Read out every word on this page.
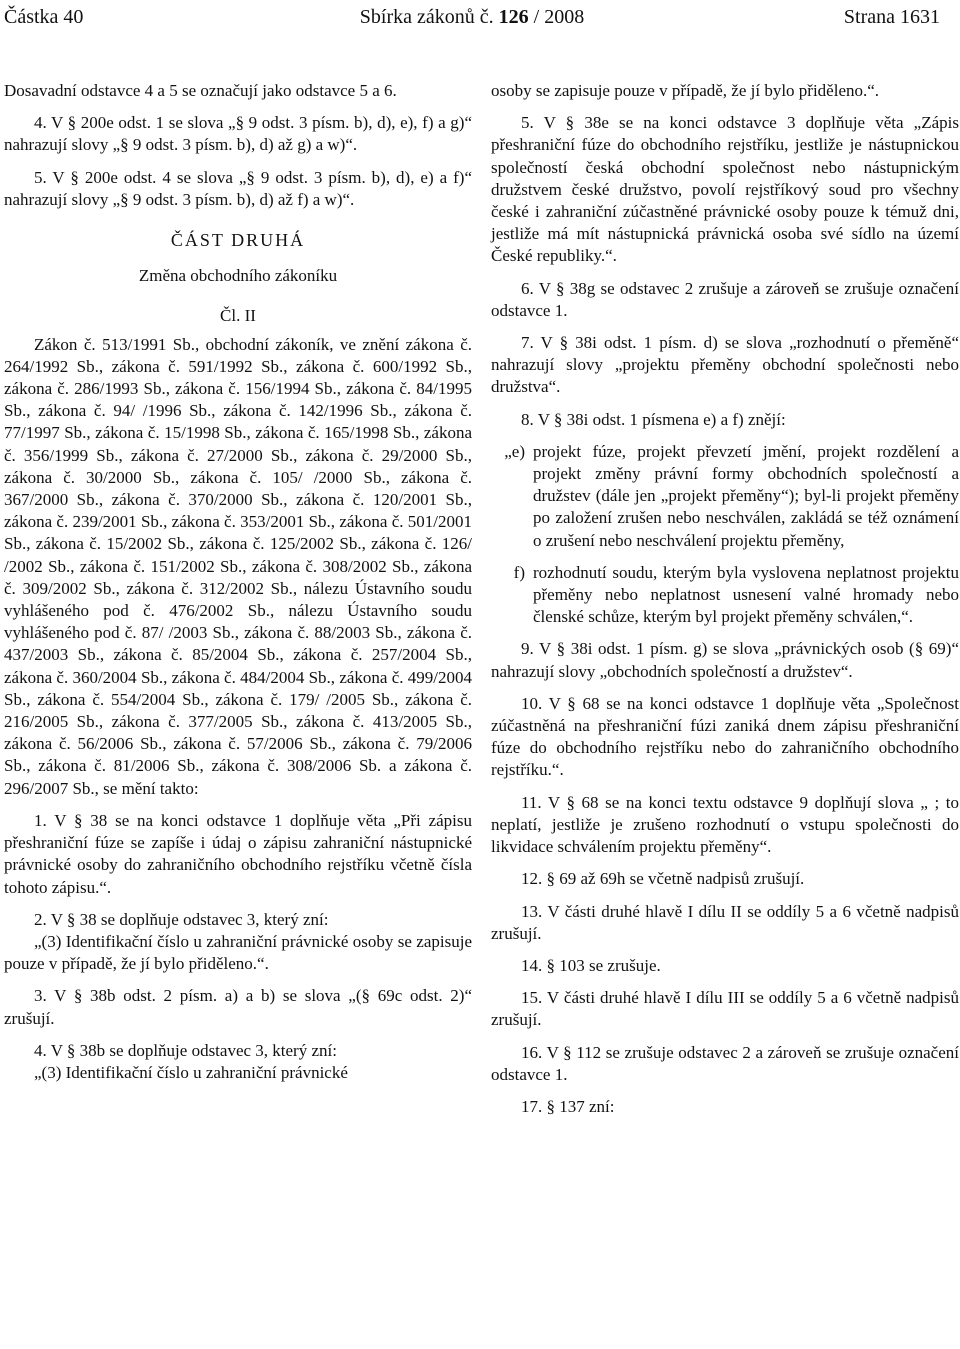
Částka 40	Sbírka zákonů č. 126 / 2008	Strana 1631

Dosavadní odstavce 4 a 5 se označují jako odstavce 5 a 6.

4. V § 200e odst. 1 se slova „§ 9 odst. 3 písm. b), d), e), f) a g)“ nahrazují slovy „§ 9 odst. 3 písm. b), d) až g) a w)“.

5. V § 200e odst. 4 se slova „§ 9 odst. 3 písm. b), d), e) a f)“ nahrazují slovy „§ 9 odst. 3 písm. b), d) až f) a w)“.

ČÁST DRUHÁ

Změna obchodního zákoníku

Čl. II

Zákon č. 513/1991 Sb., obchodní zákoník, ve znění zákona č. 264/1992 Sb., zákona č. 591/1992 Sb., zákona č. 600/1992 Sb., zákona č. 286/1993 Sb., zákona č. 156/1994 Sb., zákona č. 84/1995 Sb., zákona č. 94/ /1996 Sb., zákona č. 142/1996 Sb., zákona č. 77/1997 Sb., zákona č. 15/1998 Sb., zákona č. 165/1998 Sb., zákona č. 356/1999 Sb., zákona č. 27/2000 Sb., zákona č. 29/2000 Sb., zákona č. 30/2000 Sb., zákona č. 105/ /2000 Sb., zákona č. 367/2000 Sb., zákona č. 370/2000 Sb., zákona č. 120/2001 Sb., zákona č. 239/2001 Sb., zákona č. 353/2001 Sb., zákona č. 501/2001 Sb., zákona č. 15/2002 Sb., zákona č. 125/2002 Sb., zákona č. 126/ /2002 Sb., zákona č. 151/2002 Sb., zákona č. 308/2002 Sb., zákona č. 309/2002 Sb., zákona č. 312/2002 Sb., nálezu Ústavního soudu vyhlášeného pod č. 476/2002 Sb., nálezu Ústavního soudu vyhlášeného pod č. 87/ /2003 Sb., zákona č. 88/2003 Sb., zákona č. 437/2003 Sb., zákona č. 85/2004 Sb., zákona č. 257/2004 Sb., zákona č. 360/2004 Sb., zákona č. 484/2004 Sb., zákona č. 499/2004 Sb., zákona č. 554/2004 Sb., zákona č. 179/ /2005 Sb., zákona č. 216/2005 Sb., zákona č. 377/2005 Sb., zákona č. 413/2005 Sb., zákona č. 56/2006 Sb., zákona č. 57/2006 Sb., zákona č. 79/2006 Sb., zákona č. 81/2006 Sb., zákona č. 308/2006 Sb. a zákona č. 296/2007 Sb., se mění takto:

1. V § 38 se na konci odstavce 1 doplňuje věta „Při zápisu přeshraniční fúze se zapíše i údaj o zápisu zahraniční nástupnické právnické osoby do zahraničního obchodního rejstříku včetně čísla tohoto zápisu.“.

2. V § 38 se doplňuje odstavec 3, který zní:

„(3) Identifikační číslo u zahraniční právnické osoby se zapisuje pouze v případě, že jí bylo přiděleno.“.

3. V § 38b odst. 2 písm. a) a b) se slova „(§ 69c odst. 2)“ zrušují.

4. V § 38b se doplňuje odstavec 3, který zní:

„(3) Identifikační číslo u zahraniční právnické

osoby se zapisuje pouze v případě, že jí bylo přiděleno.“.

5. V § 38e se na konci odstavce 3 doplňuje věta „Zápis přeshraniční fúze do obchodního rejstříku, jestliže je nástupnickou společností česká obchodní společnost nebo nástupnickým družstvem české družstvo, povolí rejstříkový soud pro všechny české i zahraniční zúčastněné právnické osoby pouze k témuž dni, jestliže má mít nástupnická právnická osoba své sídlo na území České republiky.“.

6. V § 38g se odstavec 2 zrušuje a zároveň se zrušuje označení odstavce 1.

7. V § 38i odst. 1 písm. d) se slova „rozhodnutí o přeměně“ nahrazují slovy „projektu přeměny obchodní společnosti nebo družstva“.

8. V § 38i odst. 1 písmena e) a f) znějí:

„e) projekt fúze, projekt převzetí jmění, projekt rozdělení a projekt změny právní formy obchodních společností a družstev (dále jen „projekt přeměny“); byl-li projekt přeměny po založení zrušen nebo neschválen, zakládá se též oznámení o zrušení nebo neschválení projektu přeměny,
f) rozhodnutí soudu, kterým byla vyslovena neplatnost projektu přeměny nebo neplatnost usnesení valné hromady nebo členské schůze, kterým byl projekt přeměny schválen,“.

9. V § 38i odst. 1 písm. g) se slova „právnických osob (§ 69)“ nahrazují slovy „obchodních společností a družstev“.

10. V § 68 se na konci odstavce 1 doplňuje věta „Společnost zúčastněná na přeshraniční fúzi zaniká dnem zápisu přeshraniční fúze do obchodního rejstříku nebo do zahraničního obchodního rejstříku.“.

11. V § 68 se na konci textu odstavce 9 doplňují slova „ ; to neplatí, jestliže je zrušeno rozhodnutí o vstupu společnosti do likvidace schválením projektu přeměny“.

12. § 69 až 69h se včetně nadpisů zrušují.

13. V části druhé hlavě I dílu II se oddíly 5 a 6 včetně nadpisů zrušují.

14. § 103 se zrušuje.

15. V části druhé hlavě I dílu III se oddíly 5 a 6 včetně nadpisů zrušují.

16. V § 112 se zrušuje odstavec 2 a zároveň se zrušuje označení odstavce 1.

17. § 137 zní:
